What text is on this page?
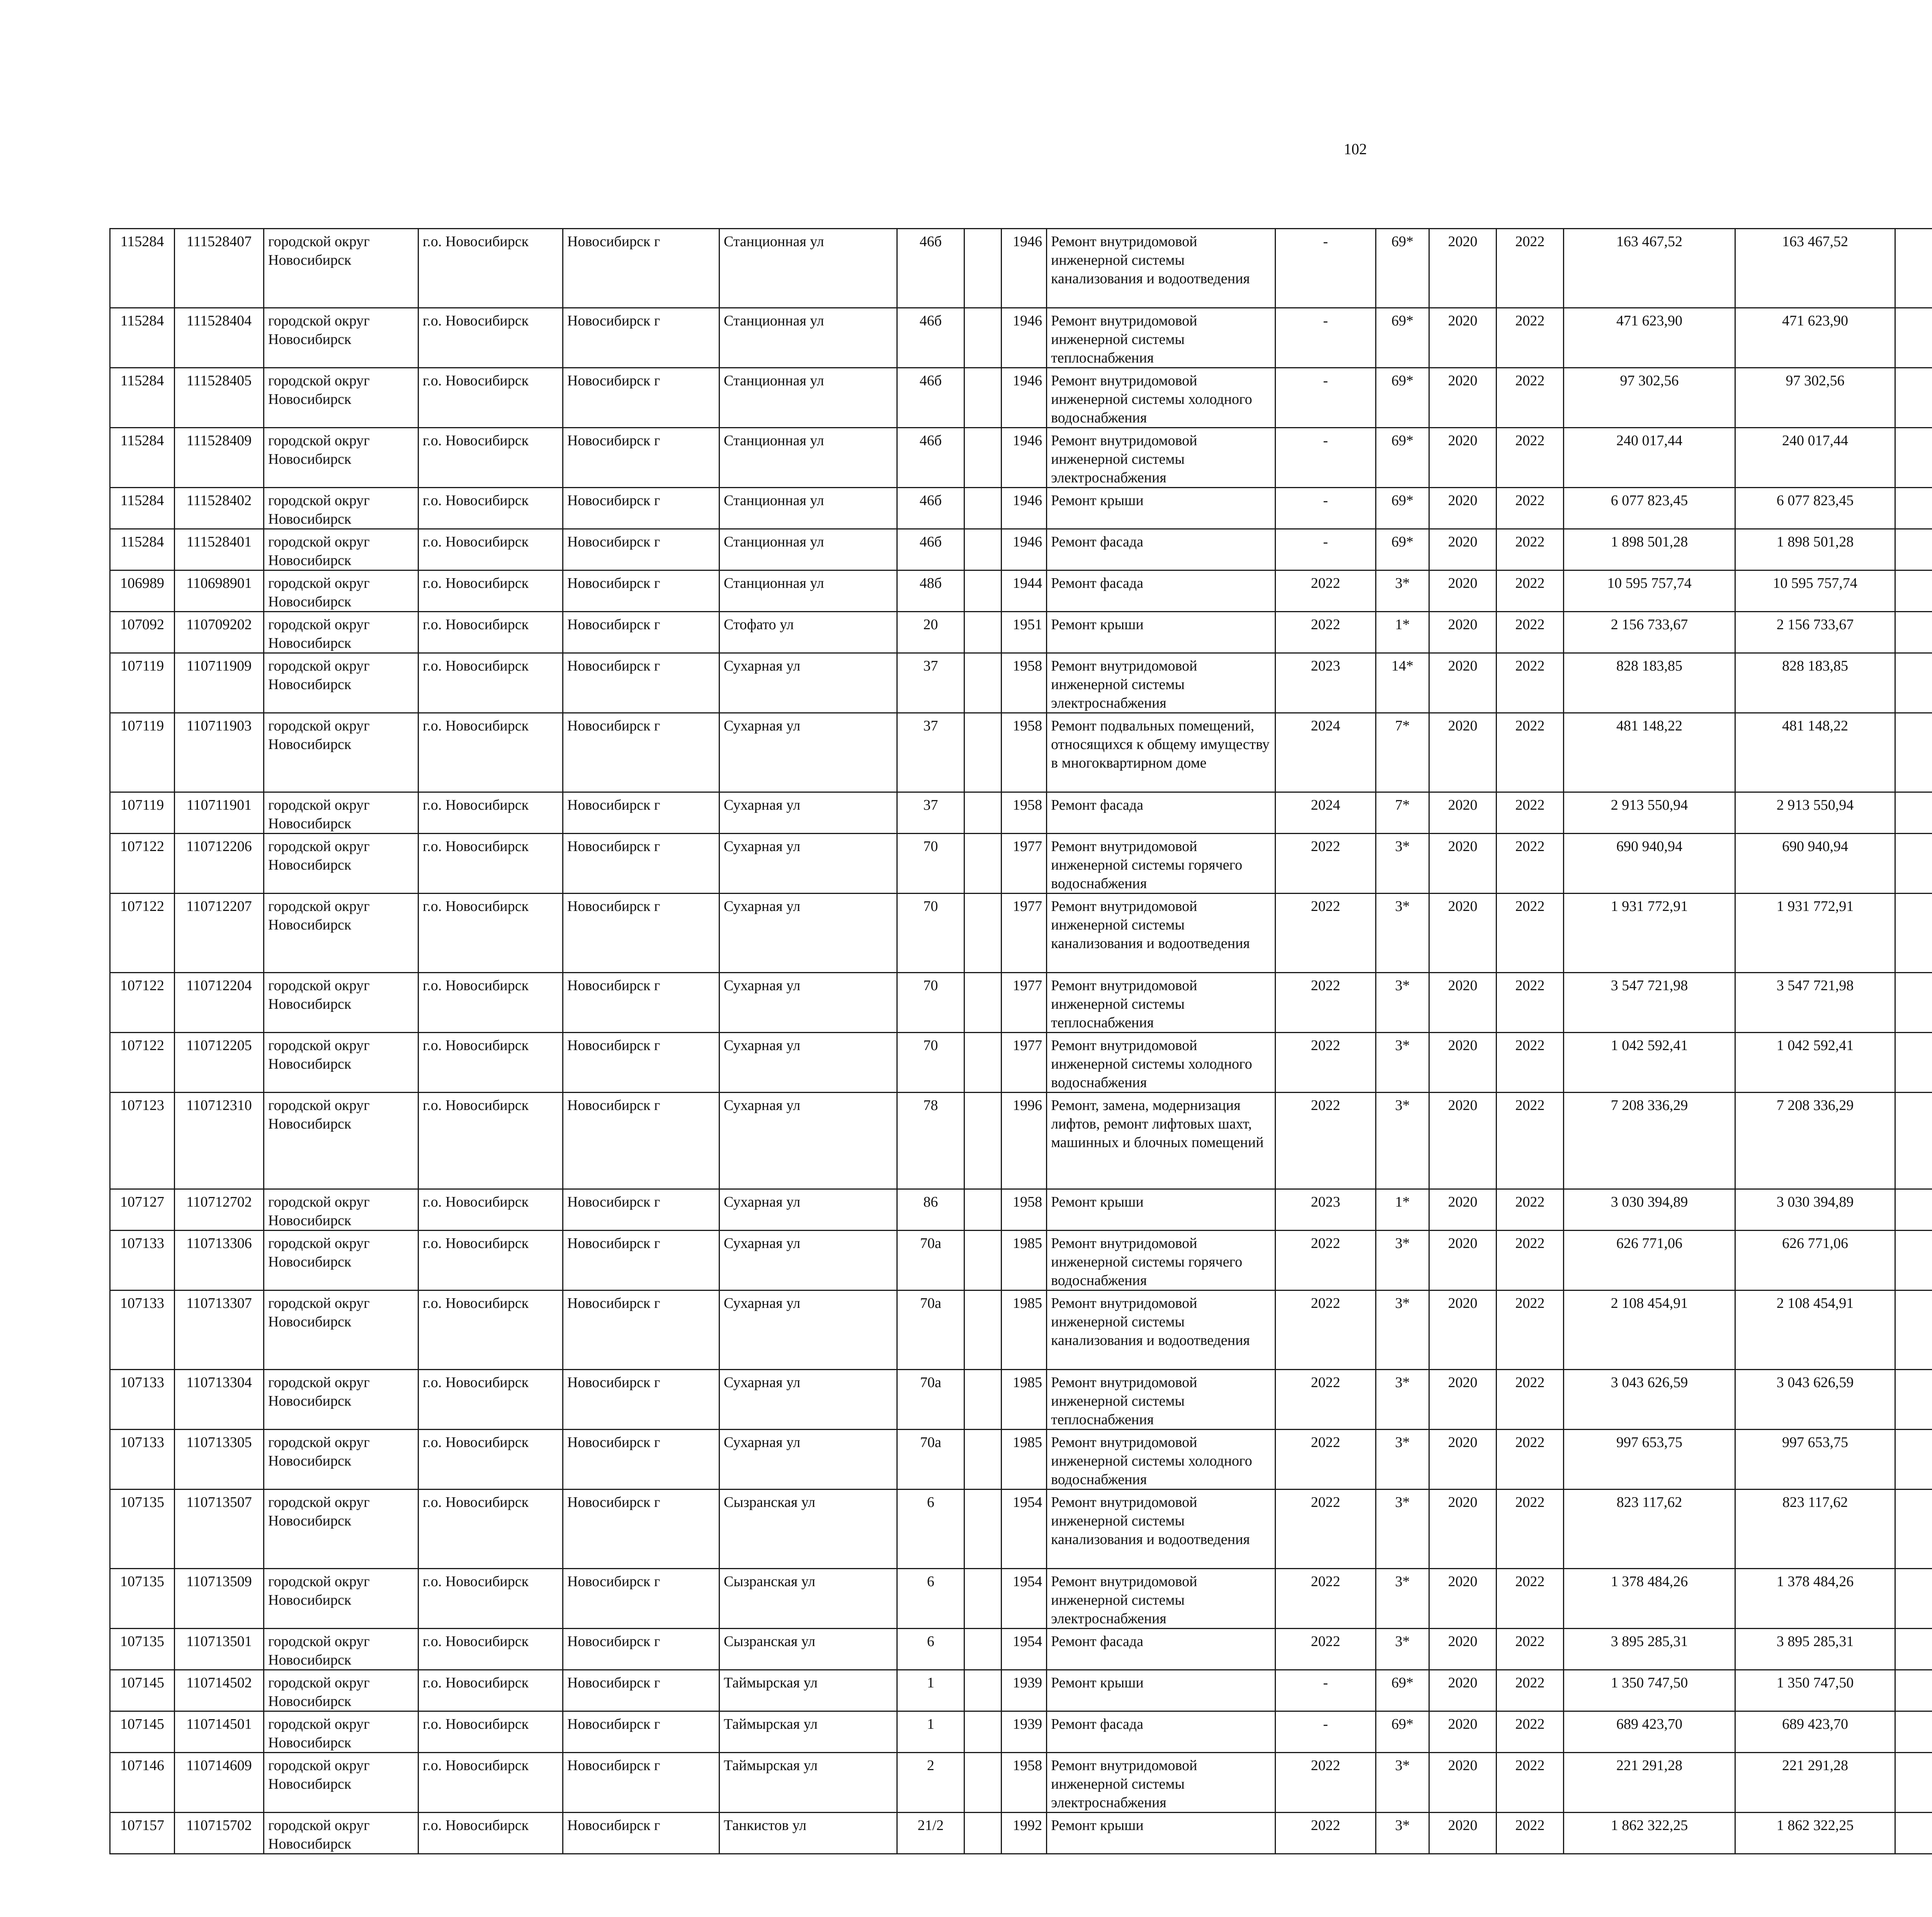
102
115284	111528407	городской округ Новосибирск	г.о. Новосибирск	Новосибирск г	Станционная ул	46б		1946	Ремонт внутридомовой инженерной системы канализования и водоотведения	-	69*	2020	2022	163 467,52	163 467,52						
115284	111528404	городской округ Новосибирск	г.о. Новосибирск	Новосибирск г	Станционная ул	46б		1946	Ремонт внутридомовой инженерной системы теплоснабжения	-	69*	2020	2022	471 623,90	471 623,90						
115284	111528405	городской округ Новосибирск	г.о. Новосибирск	Новосибирск г	Станционная ул	46б		1946	Ремонт внутридомовой инженерной системы холодного водоснабжения	-	69*	2020	2022	97 302,56	97 302,56						
115284	111528409	городской округ Новосибирск	г.о. Новосибирск	Новосибирск г	Станционная ул	46б		1946	Ремонт внутридомовой инженерной системы электроснабжения	-	69*	2020	2022	240 017,44	240 017,44						
115284	111528402	городской округ Новосибирск	г.о. Новосибирск	Новосибирск г	Станционная ул	46б		1946	Ремонт крыши	-	69*	2020	2022	6 077 823,45	6 077 823,45						
115284	111528401	городской округ Новосибирск	г.о. Новосибирск	Новосибирск г	Станционная ул	46б		1946	Ремонт фасада	-	69*	2020	2022	1 898 501,28	1 898 501,28						
106989	110698901	городской округ Новосибирск	г.о. Новосибирск	Новосибирск г	Станционная ул	48б		1944	Ремонт фасада	2022	3*	2020	2022	10 595 757,74	10 595 757,74						
107092	110709202	городской округ Новосибирск	г.о. Новосибирск	Новосибирск г	Стофато ул	20		1951	Ремонт крыши	2022	1*	2020	2022	2 156 733,67	2 156 733,67						
107119	110711909	городской округ Новосибирск	г.о. Новосибирск	Новосибирск г	Сухарная ул	37		1958	Ремонт внутридомовой инженерной системы электроснабжения	2023	14*	2020	2022	828 183,85	828 183,85						
107119	110711903	городской округ Новосибирск	г.о. Новосибирск	Новосибирск г	Сухарная ул	37		1958	Ремонт подвальных помещений, относящихся к общему имуществу в многоквартирном доме	2024	7*	2020	2022	481 148,22	481 148,22						
107119	110711901	городской округ Новосибирск	г.о. Новосибирск	Новосибирск г	Сухарная ул	37		1958	Ремонт фасада	2024	7*	2020	2022	2 913 550,94	2 913 550,94						
107122	110712206	городской округ Новосибирск	г.о. Новосибирск	Новосибирск г	Сухарная ул	70		1977	Ремонт внутридомовой инженерной системы горячего водоснабжения	2022	3*	2020	2022	690 940,94	690 940,94						
107122	110712207	городской округ Новосибирск	г.о. Новосибирск	Новосибирск г	Сухарная ул	70		1977	Ремонт внутридомовой инженерной системы канализования и водоотведения	2022	3*	2020	2022	1 931 772,91	1 931 772,91						
107122	110712204	городской округ Новосибирск	г.о. Новосибирск	Новосибирск г	Сухарная ул	70		1977	Ремонт внутридомовой инженерной системы теплоснабжения	2022	3*	2020	2022	3 547 721,98	3 547 721,98						
107122	110712205	городской округ Новосибирск	г.о. Новосибирск	Новосибирск г	Сухарная ул	70		1977	Ремонт внутридомовой инженерной системы холодного водоснабжения	2022	3*	2020	2022	1 042 592,41	1 042 592,41						
107123	110712310	городской округ Новосибирск	г.о. Новосибирск	Новосибирск г	Сухарная ул	78		1996	Ремонт, замена, модернизация лифтов, ремонт лифтовых шахт, машинных и блочных помещений	2022	3*	2020	2022	7 208 336,29	7 208 336,29						
107127	110712702	городской округ Новосибирск	г.о. Новосибирск	Новосибирск г	Сухарная ул	86		1958	Ремонт крыши	2023	1*	2020	2022	3 030 394,89	3 030 394,89						
107133	110713306	городской округ Новосибирск	г.о. Новосибирск	Новосибирск г	Сухарная ул	70а		1985	Ремонт внутридомовой инженерной системы горячего водоснабжения	2022	3*	2020	2022	626 771,06	626 771,06						
107133	110713307	городской округ Новосибирск	г.о. Новосибирск	Новосибирск г	Сухарная ул	70а		1985	Ремонт внутридомовой инженерной системы канализования и водоотведения	2022	3*	2020	2022	2 108 454,91	2 108 454,91						
107133	110713304	городской округ Новосибирск	г.о. Новосибирск	Новосибирск г	Сухарная ул	70а		1985	Ремонт внутридомовой инженерной системы теплоснабжения	2022	3*	2020	2022	3 043 626,59	3 043 626,59						
107133	110713305	городской округ Новосибирск	г.о. Новосибирск	Новосибирск г	Сухарная ул	70а		1985	Ремонт внутридомовой инженерной системы холодного водоснабжения	2022	3*	2020	2022	997 653,75	997 653,75						
107135	110713507	городской округ Новосибирск	г.о. Новосибирск	Новосибирск г	Сызранская ул	6		1954	Ремонт внутридомовой инженерной системы канализования и водоотведения	2022	3*	2020	2022	823 117,62	823 117,62						
107135	110713509	городской округ Новосибирск	г.о. Новосибирск	Новосибирск г	Сызранская ул	6		1954	Ремонт внутридомовой инженерной системы электроснабжения	2022	3*	2020	2022	1 378 484,26	1 378 484,26						
107135	110713501	городской округ Новосибирск	г.о. Новосибирск	Новосибирск г	Сызранская ул	6		1954	Ремонт фасада	2022	3*	2020	2022	3 895 285,31	3 895 285,31						
107145	110714502	городской округ Новосибирск	г.о. Новосибирск	Новосибирск г	Таймырская ул	1		1939	Ремонт крыши	-	69*	2020	2022	1 350 747,50	1 350 747,50						
107145	110714501	городской округ Новосибирск	г.о. Новосибирск	Новосибирск г	Таймырская ул	1		1939	Ремонт фасада	-	69*	2020	2022	689 423,70	689 423,70						
107146	110714609	городской округ Новосибирск	г.о. Новосибирск	Новосибирск г	Таймырская ул	2		1958	Ремонт внутридомовой инженерной системы электроснабжения	2022	3*	2020	2022	221 291,28	221 291,28						
107157	110715702	городской округ Новосибирск	г.о. Новосибирск	Новосибирск г	Танкистов ул	21/2		1992	Ремонт крыши	2022	3*	2020	2022	1 862 322,25	1 862 322,25						
